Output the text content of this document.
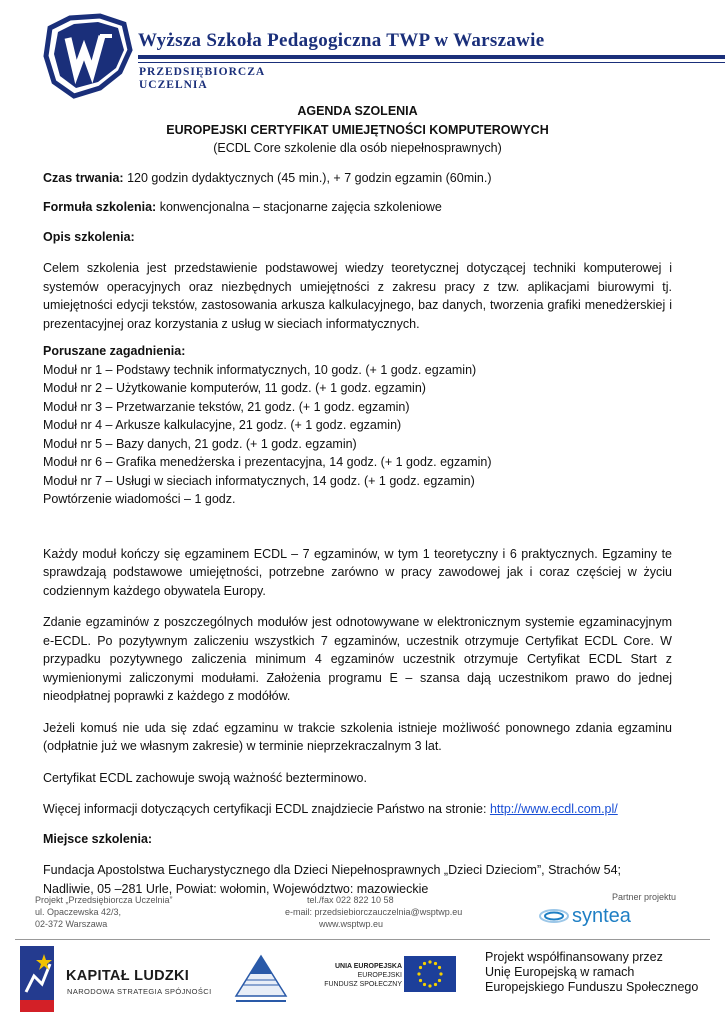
Wyższa Szkoła Pedagogiczna TWP w Warszawie
PRZEDSIĘBIORCZA
UCZELNIA

AGENDA SZOLENIA

EUROPEJSKI CERTYFIKAT UMIEJĘTNOŚCI KOMPUTEROWYCH

(ECDL Core szkolenie dla osób niepełnosprawnych)

Czas trwania: 120 godzin dydaktycznych (45 min.), + 7 godzin egzamin (60min.)

Formuła szkolenia: konwencjonalna – stacjonarne zajęcia szkoleniowe

Opis szkolenia:

Celem szkolenia jest przedstawienie podstawowej wiedzy teoretycznej dotyczącej techniki komputerowej i systemów operacyjnych oraz niezbędnych umiejętności z zakresu pracy z tzw. aplikacjami biurowymi tj. umiejętności edycji tekstów, zastosowania arkusza kalkulacyjnego, baz danych, tworzenia grafiki menedżerskiej i prezentacyjnej oraz korzystania z usług w sieciach informatycznych.

Poruszane zagadnienia:

Moduł nr 1 – Podstawy technik informatycznych, 10 godz. (+ 1 godz. egzamin)
Moduł nr 2 – Użytkowanie komputerów, 11 godz. (+ 1 godz. egzamin)
Moduł nr 3 – Przetwarzanie tekstów, 21 godz. (+ 1 godz. egzamin)
Moduł nr 4 – Arkusze kalkulacyjne, 21 godz. (+ 1 godz. egzamin)
Moduł nr 5 – Bazy danych, 21 godz. (+ 1 godz. egzamin)
Moduł nr 6 – Grafika menedżerska i prezentacyjna, 14 godz. (+ 1 godz. egzamin)
Moduł nr 7 – Usługi w sieciach informatycznych, 14 godz. (+ 1 godz. egzamin)
Powtórzenie wiadomości – 1 godz.

Każdy moduł kończy się egzaminem ECDL – 7 egzaminów, w tym 1 teoretyczny i 6 praktycznych. Egzaminy te sprawdzają podstawowe umiejętności, potrzebne zarówno w pracy zawodowej jak i coraz częściej w życiu codziennym każdego obywatela Europy.

Zdanie egzaminów z poszczególnych modułów jest odnotowywane w elektronicznym systemie egzaminacyjnym e-ECDL. Po pozytywnym zaliczeniu wszystkich 7 egzaminów, uczestnik otrzymuje Certyfikat ECDL Core. W przypadku pozytywnego zaliczenia minimum 4 egzaminów uczestnik otrzymuje Certyfikat ECDL Start z wymienionymi zaliczonymi modułami. Założenia programu E – szansa dają uczestnikom prawo do jednej nieodpłatnej poprawki z każdego z modółów.

Jeżeli komuś nie uda się zdać egzaminu w trakcie szkolenia istnieje możliwość ponownego zdania egzaminu (odpłatnie już we własnym zakresie) w terminie nieprzekraczalnym 3 lat.

Certyfikat ECDL zachowuje swoją ważność bezterminowo.

Więcej informacji dotyczących certyfikacji ECDL znajdziecie Państwo na stronie: http://www.ecdl.com.pl/

Miejsce szkolenia:

Fundacja Apostolstwa Eucharystycznego dla Dzieci Niepełnosprawnych „Dzieci Dzieciom”, Strachów 54; Nadliwie, 05 –281 Urle, Powiat: wołomin, Województwo: mazowieckie

Projekt „Przedsiębiorcza Uczelnia”
ul. Opaczewska 42/3,
02-372 Warszawa
tel./fax 022 822 10 58
e-mail: przedsiebiorczauczelnia@wsptwp.eu
www.wsptwp.eu
Partner projektu
syntea
KAPITAŁ LUDZKI
NARODOWA STRATEGIA SPÓJNOŚCI
UNIA EUROPEJSKA
EUROPEJSKI
FUNDUSZ SPOŁECZNY
Projekt współfinansowany przez
Unię Europejską w ramach
Europejskiego Funduszu Społecznego
